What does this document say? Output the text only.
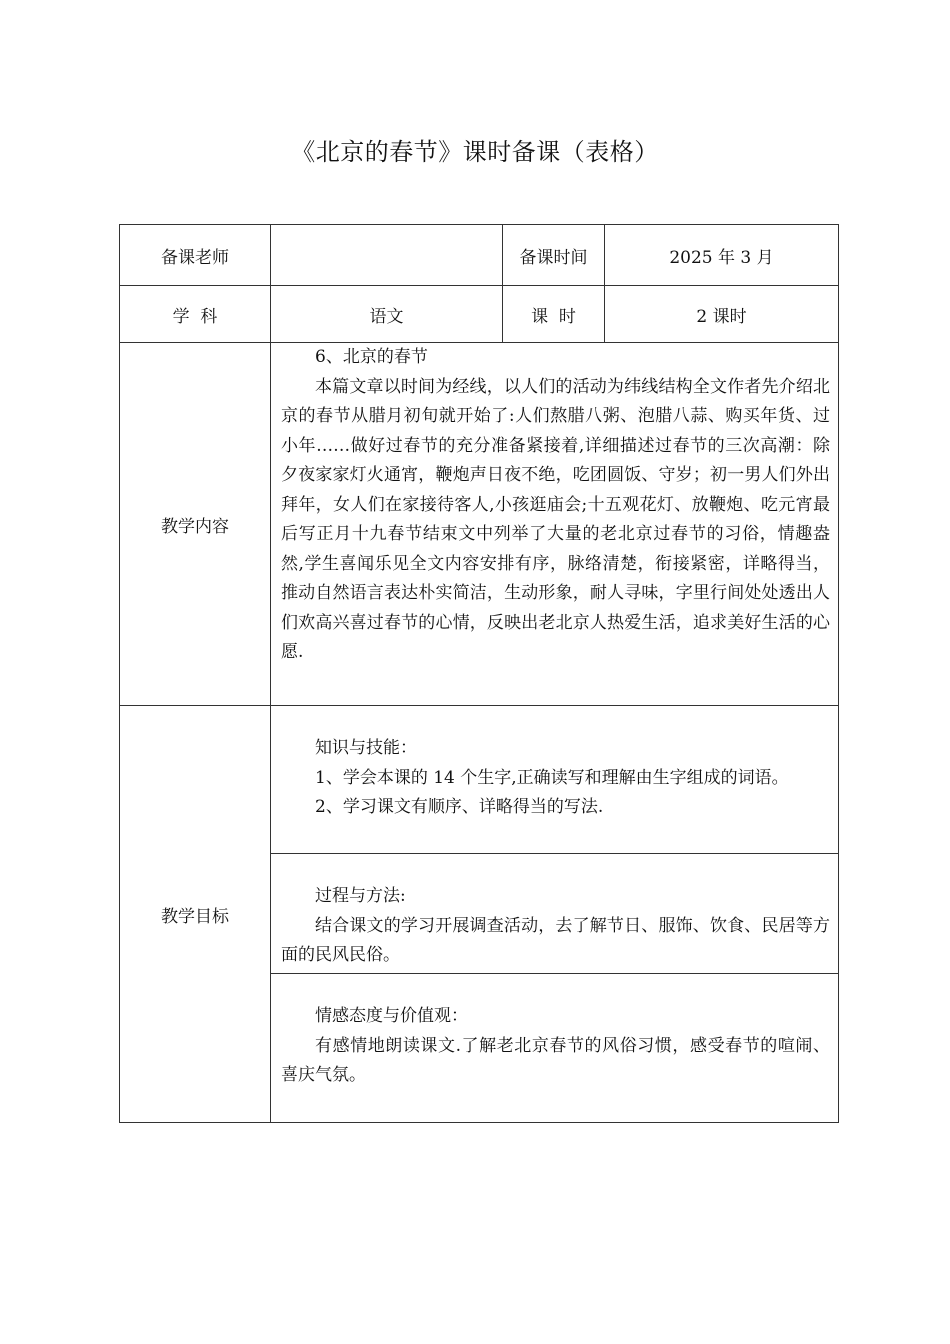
《北京的春节》课时备课（表格）
备课老师		备课时间	2025 年 3 月
学  科	语文	课  时	2 课时
教学内容	6、北京的春节

本篇文章以时间为经线，以人们的活动为纬线结构全文作者先介绍北京的春节从腊月初旬就开始了:人们熬腊八粥、泡腊八蒜、购买年货、过小年……做好过春节的充分准备紧接着,详细描述过春节的三次高潮：除夕夜家家灯火通宵，鞭炮声日夜不绝，吃团圆饭、守岁；初一男人们外出拜年，女人们在家接待客人,小孩逛庙会;十五观花灯、放鞭炮、吃元宵最后写正月十九春节结束文中列举了大量的老北京过春节的习俗，情趣盎然,学生喜闻乐见全文内容安排有序，脉络清楚，衔接紧密，详略得当，推动自然语言表达朴实简洁，生动形象，耐人寻味，字里行间处处透出人们欢高兴喜过春节的心情，反映出老北京人热爱生活，追求美好生活的心愿.		

教学目标	知识与技能：

1、学会本课的 14 个生字,正确读写和理解由生字组成的词语。

2、学习课文有顺序、详略得当的写法.		

	过程与方法:

结合课文的学习开展调查活动，去了解节日、服饰、饮食、民居等方面的民风民俗。		

	情感态度与价值观：

有感情地朗读课文.了解老北京春节的风俗习惯，感受春节的喧闹、喜庆气氛。		
